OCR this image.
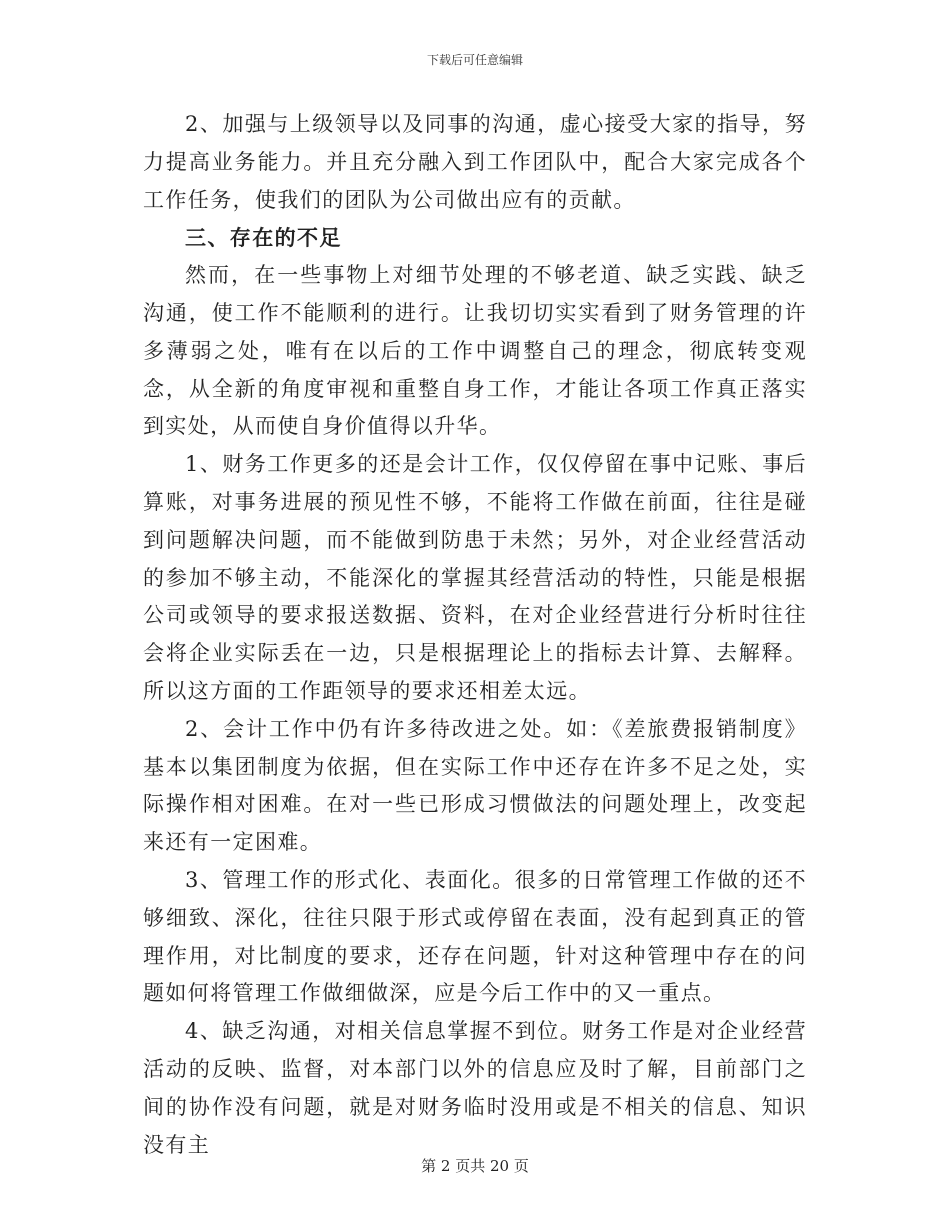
下载后可任意编辑

2、加强与上级领导以及同事的沟通，虚心接受大家的指导，努力提高业务能力。并且充分融入到工作团队中，配合大家完成各个工作任务，使我们的团队为公司做出应有的贡献。

三、存在的不足

然而，在一些事物上对细节处理的不够老道、缺乏实践、缺乏沟通，使工作不能顺利的进行。让我切切实实看到了财务管理的许多薄弱之处，唯有在以后的工作中调整自己的理念，彻底转变观念，从全新的角度审视和重整自身工作，才能让各项工作真正落实到实处，从而使自身价值得以升华。

1、财务工作更多的还是会计工作，仅仅停留在事中记账、事后算账，对事务进展的预见性不够，不能将工作做在前面，往往是碰到问题解决问题，而不能做到防患于未然；另外，对企业经营活动的参加不够主动，不能深化的掌握其经营活动的特性，只能是根据公司或领导的要求报送数据、资料，在对企业经营进行分析时往往会将企业实际丢在一边，只是根据理论上的指标去计算、去解释。所以这方面的工作距领导的要求还相差太远。

2、会计工作中仍有许多待改进之处。如：《差旅费报销制度》基本以集团制度为依据，但在实际工作中还存在许多不足之处，实际操作相对困难。在对一些已形成习惯做法的问题处理上，改变起来还有一定困难。

3、管理工作的形式化、表面化。很多的日常管理工作做的还不够细致、深化，往往只限于形式或停留在表面，没有起到真正的管理作用，对比制度的要求，还存在问题，针对这种管理中存在的问题如何将管理工作做细做深，应是今后工作中的又一重点。

4、缺乏沟通，对相关信息掌握不到位。财务工作是对企业经营活动的反映、监督，对本部门以外的信息应及时了解，目前部门之间的协作没有问题，就是对财务临时没用或是不相关的信息、知识没有主

第 2 页共 20 页
